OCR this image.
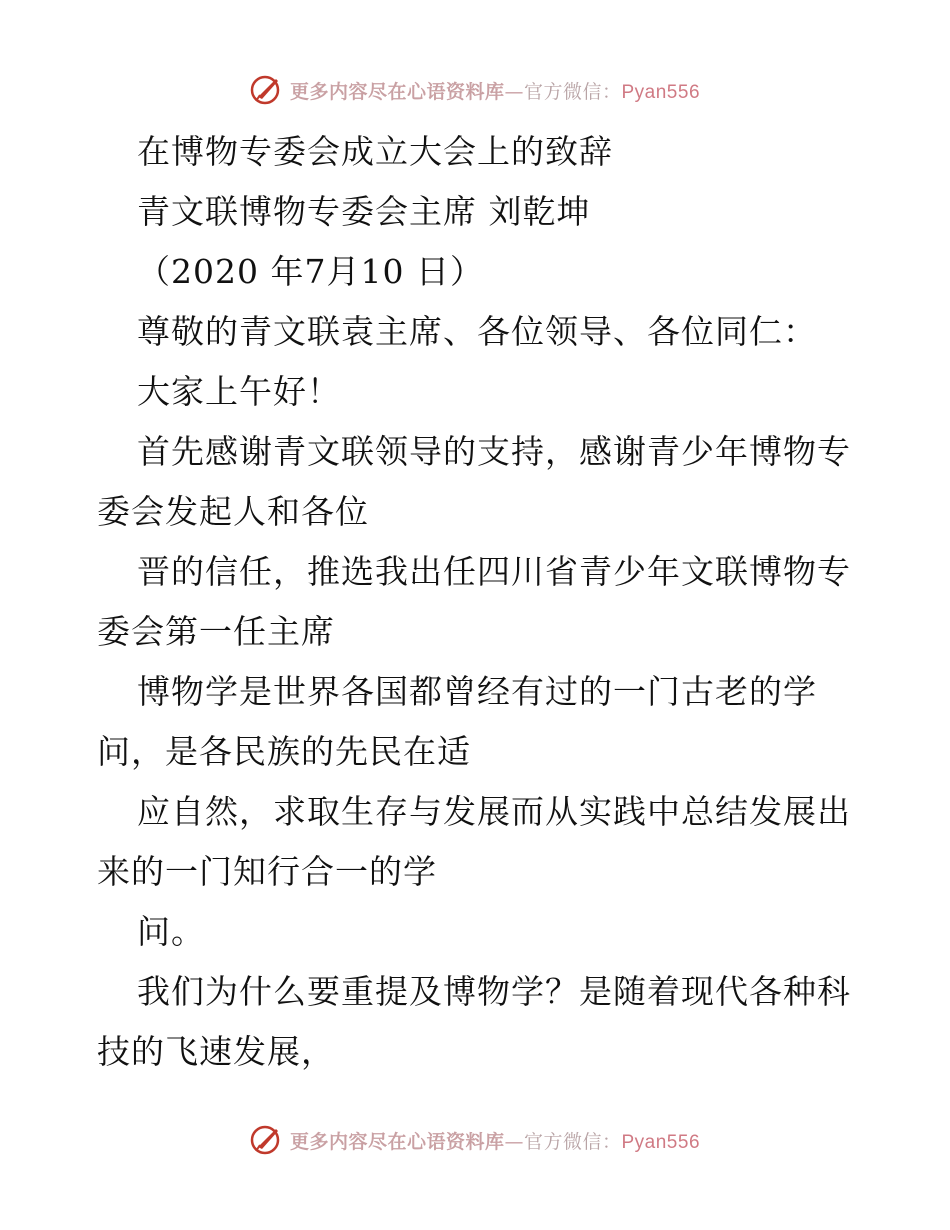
更多内容尽在心语资料库—官方微信：Pyan556
在博物专委会成立大会上的致辞
青文联博物专委会主席 刘乾坤
（2020 年7月10 日）
尊敬的青文联袁主席、各位领导、各位同仁：
大家上午好！
首先感谢青文联领导的支持，感谢青少年博物专
委会发起人和各位
晋的信任，推选我出任四川省青少年文联博物专
委会第一任主席
博物学是世界各国都曾经有过的一门古老的学
问，是各民族的先民在适
应自然，求取生存与发展而从实践中总结发展出
来的一门知行合一的学
问。
我们为什么要重提及博物学？是随着现代各种科
技的飞速发展，
更多内容尽在心语资料库—官方微信：Pyan556
